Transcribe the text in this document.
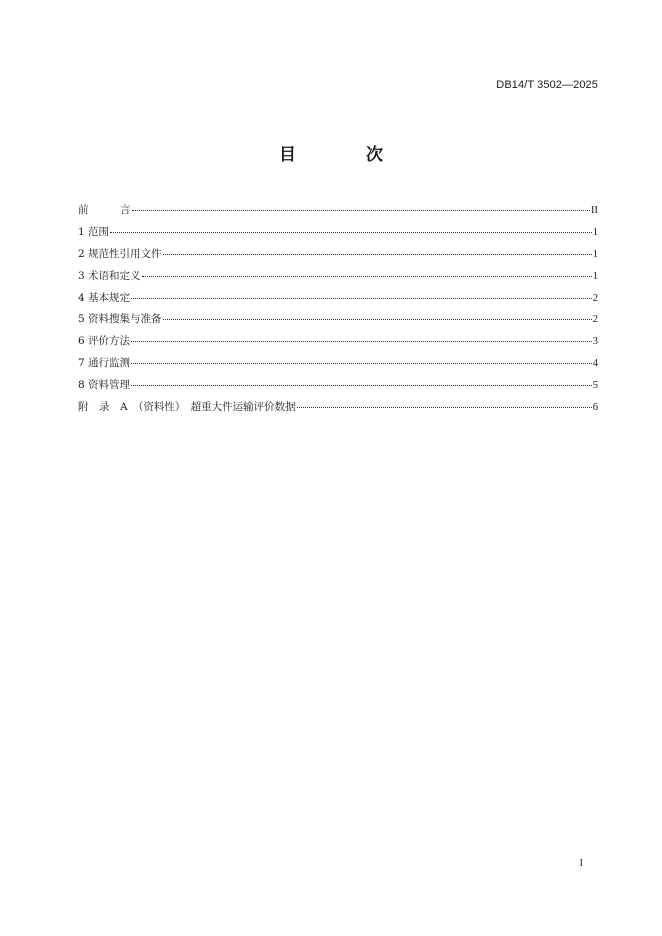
DB14/T 3502—2025
目 次
前　　　言	II
1 范围	1
2 规范性引用文件	1
3 术语和定义	1
4 基本规定	2
5 资料搜集与准备	2
6 评价方法	3
7 通行监测	4
8 资料管理	5
附　录　A　（资料性）　超重大件运输评价数据	6
I
